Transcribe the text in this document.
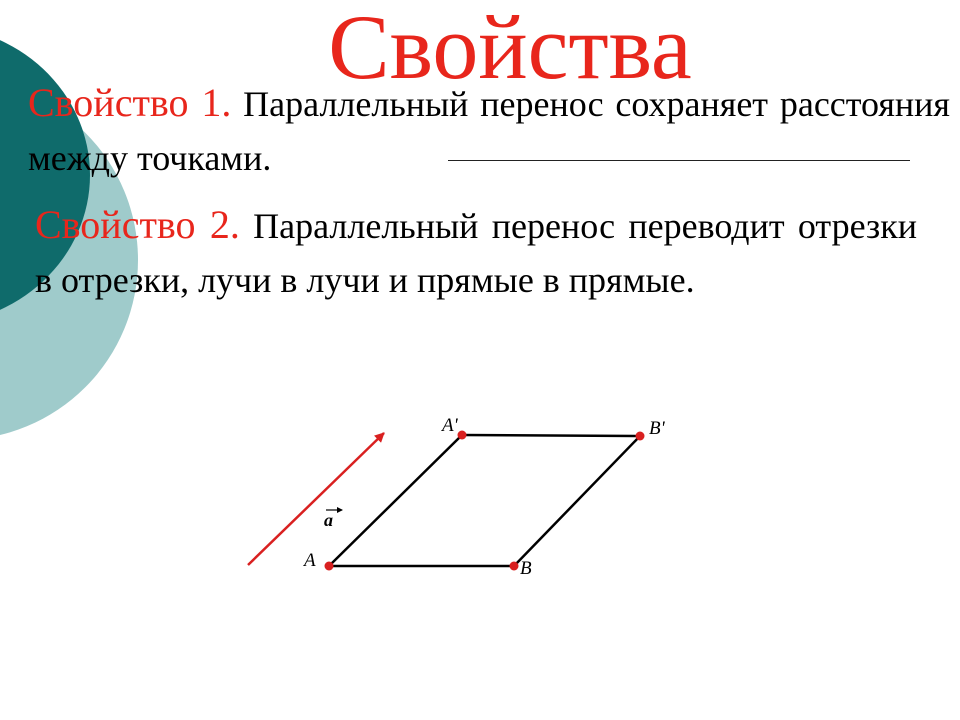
Свойства
Свойство 1. Параллельный перенос сохраняет расстояния между точками.
Свойство 2. Параллельный перенос переводит отрезки в отрезки, лучи в лучи и прямые в прямые.
a
A	B
A'	B'
